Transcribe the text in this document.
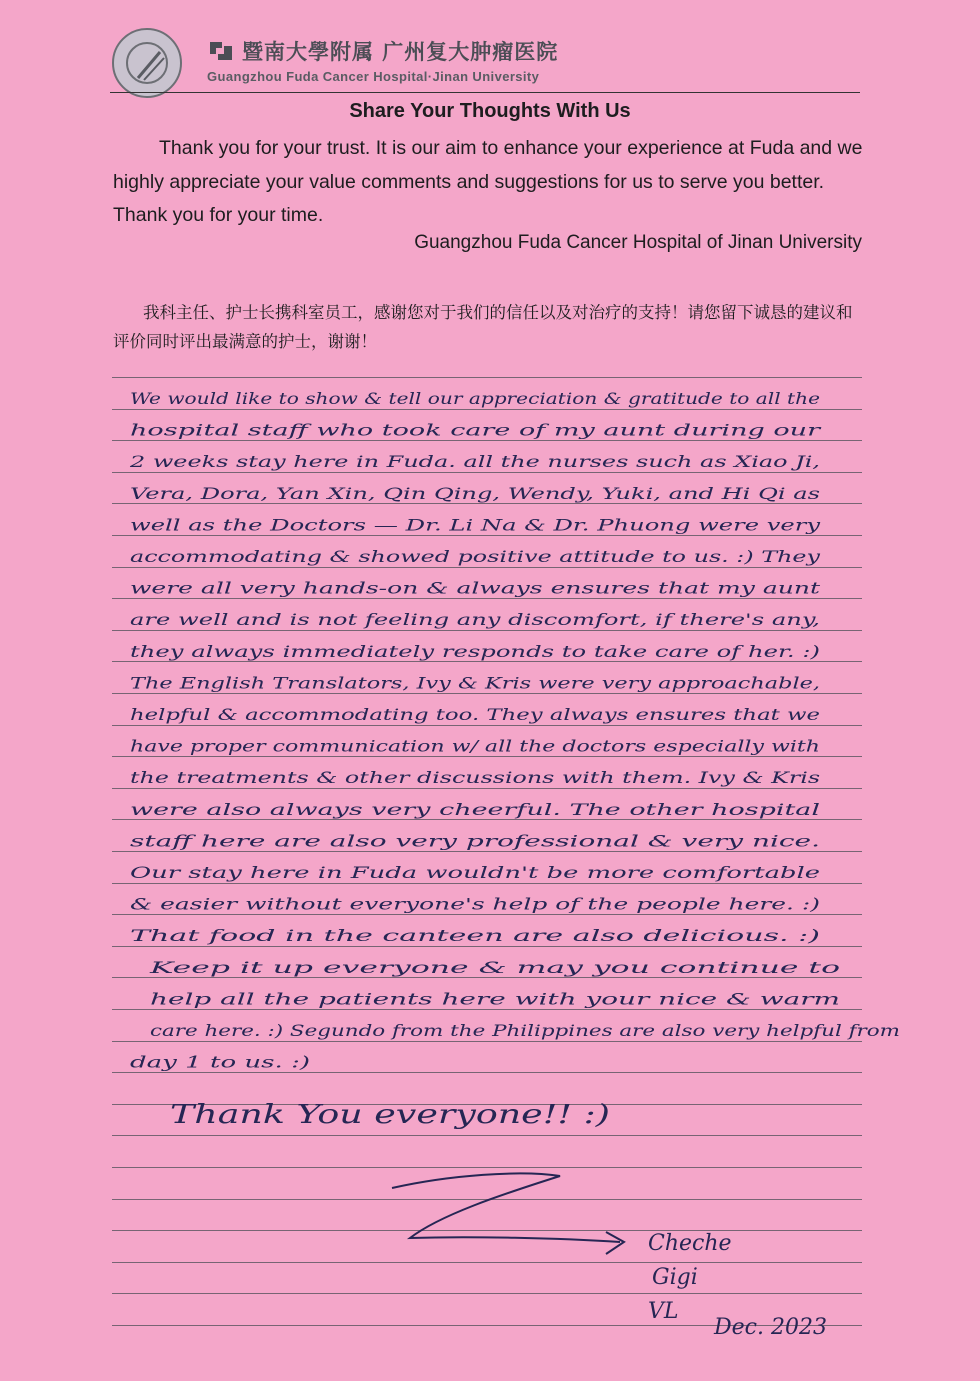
暨南大學附属 广州复大肿瘤医院
Guangzhou Fuda Cancer Hospital·Jinan University
Share Your Thoughts With Us
Thank you for your trust. It is our aim to enhance your experience at Fuda and we highly appreciate your value comments and suggestions for us to serve you better. Thank you for your time.
Guangzhou Fuda Cancer Hospital of Jinan University
我科主任、护士长携科室员工，感谢您对于我们的信任以及对治疗的支持！请您留下诚恳的建议和评价同时评出最满意的护士，谢谢！
We would like to show & tell our appreciation & gratitude to all the
hospital staff who took care of my aunt during our
2 weeks stay here in Fuda. all the nurses such as Xiao Ji,
Vera, Dora, Yan Xin, Qin Qing, Wendy, Yuki, and Hi Qi as
well as the Doctors — Dr. Li Na & Dr. Phuong were very
accommodating & showed positive attitude to us. :) They
were all very hands-on & always ensures that my aunt
are well and is not feeling any discomfort, if there's any,
they always immediately responds to take care of her. :)
The English Translators, Ivy & Kris were very approachable,
helpful & accommodating too. They always ensures that we
have proper communication w/ all the doctors especially with
the treatments & other discussions with them. Ivy & Kris
were also always very cheerful. The other hospital
staff here are also very professional & very nice.
Our stay here in Fuda wouldn't be more comfortable
& easier without everyone's help of the people here. :)
That food in the canteen are also delicious. :)
Keep it up everyone & may you continue to
help all the patients here with your nice & warm
care here. :) Segundo from the Philippines are also very helpful from
day 1 to us. :)
Thank You everyone!! :)
Cheche
Gigi
VL
Dec. 2023
